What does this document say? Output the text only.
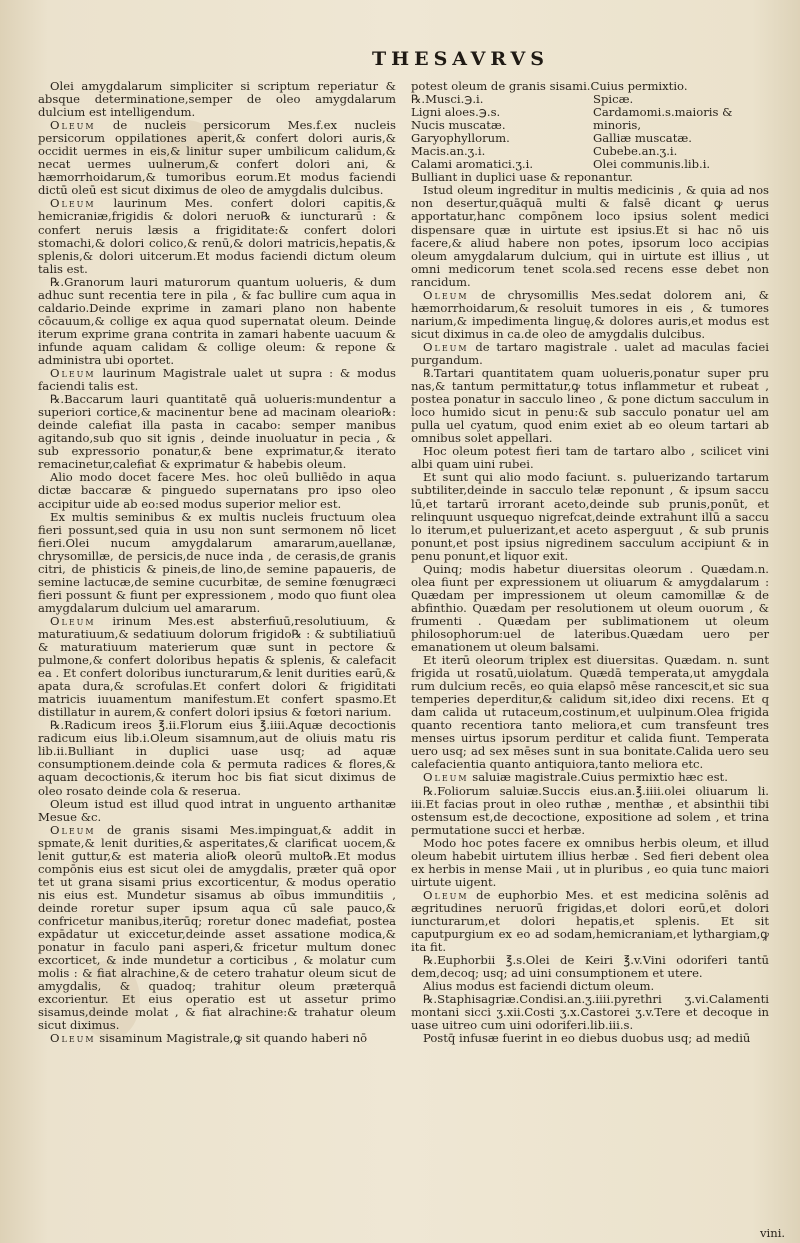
THESAVRVS

Olei amygdalarum simpliciter si scriptum reperiatur & absque determinatione,semper de oleo amygdalarum dulcium est intelligendum.

Oleum de nucleis persicorum Mes.f.ex nucleis persicorum oppilationes aperit,& confert dolori auris,& occidit uermes in eis,& linitur super umbilicum calidum,& necat uermes uulnerum,& confert dolori ani, & hæmorrhoidarum,& tumoribus eorum.Et modus faciendi dictū oleū est sicut diximus de oleo de amygdalis dulcibus.

Oleum laurinum Mes. confert dolori capitis,& hemicraniæ,frigidis & dolori neruo℞ & iuncturarū : & confert neruis læsis a frigiditate:& confert dolori stomachi,& dolori colico,& renū,& dolori matricis,hepatis,& splenis,& dolori uitcerum.Et modus faciendi dictum oleum talis est.

℞.Granorum lauri maturorum quantum uolueris, & dum adhuc sunt recentia tere in pila , & fac bullire cum aqua in caldario.Deinde exprime in zamari plano non habente cōcauum,& collige ex aqua quod supernatat oleum. Deinde iterum exprime grana contrita in zamari habente uacuum & infunde aquam calidam & collige oleum: & repone & administra ubi oportet.

Oleum laurinum Magistrale ualet ut supra : & modus faciendi talis est.

℞.Baccarum lauri quantitatē quā uolueris:mundentur a superiori cortice,& macinentur bene ad macinam oleario℞: deinde calefiat illa pasta in cacabo: semper manibus agitando,sub quo sit ignis , deinde inuoluatur in pecia , & sub expressorio ponatur,& bene exprimatur,& iterato remacinetur,calefiat & exprimatur & habebis oleum.

Alio modo docet facere Mes. hoc oleū bulliēdo in aqua dictæ baccaræ & pinguedo supernatans pro ipso oleo accipitur uide ab eo:sed modus superior melior est.

Ex multis seminibus & ex multis nucleis fructuum olea fieri possunt,sed quia in usu non sunt sermonem nō licet fieri.Olei nucum amygdalarum amararum,auellanæ, chrysomillæ, de persicis,de nuce inda , de cerasis,de granis citri, de phisticis & pineis,de lino,de semine papaueris, de semine lactucæ,de semine cucurbitæ, de semine fœnugræci fieri possunt & fiunt per expressionem , modo quo fiunt olea amygdalarum dulcium uel amararum.

Oleum irinum Mes.est absterfiuū,resolutiuum, & maturatiuum,& sedatiuum dolorum frigido℞ : & subtiliatiuū & maturatiuum materierum quæ sunt in pectore & pulmone,& confert doloribus hepatis & splenis, & calefacit ea . Et confert doloribus iuncturarum,& lenit durities earū,& apata dura,& scrofulas.Et confert dolori & frigiditati matricis iuuamentum manifestum.Et confert spasmo.Et distillatur in aurem,& confert dolori ipsius & fœtori narium.

℞.Radicum ireos ℥.ii.Florum eius ℥.iiii.Aquæ decoctionis radicum eius lib.i.Oleum sisamnum,aut de oliuis matu ris lib.ii.Bulliant in duplici uase usq; ad aquæ consumptionem.deinde cola & permuta radices & flores,& aquam decoctionis,& iterum hoc bis fiat sicut diximus de oleo rosato deinde cola & reserua.

Oleum istud est illud quod intrat in unguento arthanitæ Mesue &c.

Oleum de granis sisami Mes.impinguat,& addit in spmate,& lenit durities,& asperitates,& clarificat uocem,& lenit guttur,& est materia alio℞ oleorū multo℞.Et modus compōnis eius est sicut olei de amygdalis, præter quā opor tet ut grana sisami prius excorticentur, & modus operatio nis eius est. Mundetur sisamus ab oībus immunditiis , deinde roretur super ipsum aqua cū sale pauco,& confricetur manibus,iterūq; roretur donec madefiat, postea expādatur ut exiccetur,deinde asset assatione modica,& ponatur in faculo pani asperi,& fricetur multum donec excorticet, & inde mundetur a corticibus , & molatur cum molis : & fiat alrachine,& de cetero trahatur oleum sicut de amygdalis, & quadoq; trahitur oleum præterquā excorientur. Et eius operatio est ut assetur primo sisamus,deinde molat , & fiat alrachine:& trahatur oleum sicut diximus.

Oleum sisaminum Magistrale,ꝙ sit quando haberi nō

potest oleum de granis sisami.Cuius permixtio.

℞.Musci.℈.i.	Spicæ.
Ligni aloes.℈.s.	Cardamomi.s.maioris &
Nucis muscatæ.	minoris,
Garyophyllorum.	Galliæ muscatæ.
Macis.an.ʒ.i.	Cubebe.an.ʒ.i.
Calami aromatici.ʒ.i.	Olei communis.lib.i.

Bulliant in duplici uase & reponantur.

Istud oleum ingreditur in multis medicinis , & quia ad nos non desertur,quāquā multi & falsē dicant ꝙ uerus apportatur,hanc compōnem loco ipsius solent medici dispensare quæ in uirtute est ipsius.Et si hac nō uis facere,& aliud habere non potes, ipsorum loco accipias oleum amygdalarum dulcium, qui in uirtute est illius , ut omni medicorum tenet scola.sed recens esse debet non rancidum.

Oleum de chrysomillis Mes.sedat dolorem ani, & hæmorrhoidarum,& resoluit tumores in eis , & tumores narium,& impedimenta linguę,& dolores auris,et modus est sicut diximus in ca.de oleo de amygdalis dulcibus.

Oleum de tartaro magistrale . ualet ad maculas faciei purgandum.

℞.Tartari quantitatem quam uolueris,ponatur super pru nas,& tantum permittatur,ꝙ totus inflammetur et rubeat , postea ponatur in sacculo lineo , & pone dictum sacculum in loco humido sicut in penu:& sub sacculo ponatur uel am pulla uel cyatum, quod enim exiet ab eo oleum tartari ab omnibus solet appellari.

Hoc oleum potest fieri tam de tartaro albo , scilicet vini albi quam uini rubei.

Et sunt qui alio modo faciunt. s. puluerizando tartarum subtiliter,deinde in sacculo telæ reponunt , & ipsum saccu lū,et tartarū irrorant aceto,deinde sub prunis,ponūt, et relinquunt usquequo nigrefcat,deinde extrahunt illū a saccu lo iterum,et puluerizant,et aceto asperguut , & sub prunis ponunt,et post ipsius nigredinem sacculum accipiunt & in penu ponunt,et liquor exit.

Quinq; modis habetur diuersitas oleorum . Quædam.n. olea fiunt per expressionem ut oliuarum & amygdalarum : Quædam per impressionem ut oleum camomillæ & de abfinthio. Quædam per resolutionem ut oleum ouorum , & frumenti . Quædam per sublimationem ut oleum philosophorum:uel de lateribus.Quædam uero per emanationem ut oleum balsami.

Et iterū oleorum triplex est diuersitas. Quædam. n. sunt frigida ut rosatū,uiolatum. Quædā temperata,ut amygdala rum dulcium recēs, eo quia elapsō mēse rancescit,et sic sua temperies deperditur,& calidum sit,ideo dixi recens. Et q dam calida ut rutaceum,costinum,et uulpinum.Olea frigida quanto recentiora tanto meliora,et cum transfeunt tres menses uirtus ipsorum perditur et calida fiunt. Temperata uero usq; ad sex mēses sunt in sua bonitate.Calida uero seu calefacientia quanto antiquiora,tanto meliora etc.

Oleum saluiæ magistrale.Cuius permixtio hæc est.

℞.Foliorum saluiæ.Succis eius.an.℥.iiii.olei oliuarum li. iii.Et facias prout in oleo ruthæ , menthæ , et absinthii tibi ostensum est,de decoctione, expositione ad solem , et trina permutatione succi et herbæ.

Modo hoc potes facere ex omnibus herbis oleum, et illud oleum habebit uirtutem illius herbæ . Sed fieri debent olea ex herbis in mense Maii , ut in pluribus , eo quia tunc maiori uirtute uigent.

Oleum de euphorbio Mes. et est medicina solēnis ad ægritudines neruorū frigidas,et dolori eorū,et dolori iuncturarum,et dolori hepatis,et splenis. Et sit caputpurgium ex eo ad sodam,hemicraniam,et lythargiam,ꝙ ita fit.

℞.Euphorbii ℥.s.Olei de Keiri ℥.v.Vini odoriferi tantū dem,decoq; usq; ad uini consumptionem et utere.

Alius modus est faciendi dictum oleum.

℞.Staphisagriæ.Condisi.an.ʒ.iiii.pyrethri ʒ.vi.Calamenti montani sicci ʒ.xii.Costi ʒ.x.Castorei ʒ.v.Tere et decoque in uase uitreo cum uini odoriferi.lib.iii.s.

Postq̄ infusæ fuerint in eo diebus duobus usq; ad mediū

vini.
